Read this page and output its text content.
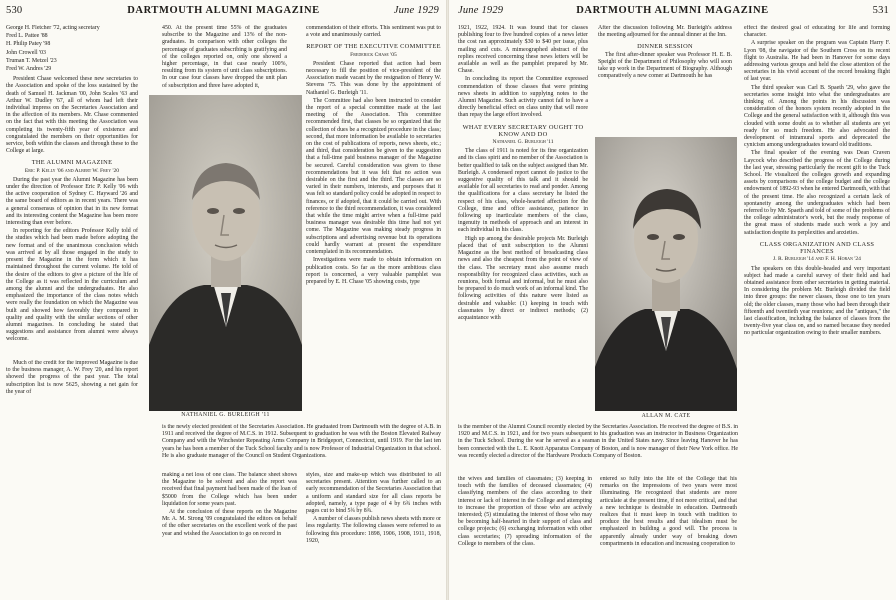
530	DARTMOUTH ALUMNI MAGAZINE	June 1929

George H. Fletcher '72, acting secretary

Fred L. Pattee '88

H. Philip Patey '98

John Crowell '03

Truman T. Metzel '23

Fred W. Andres '29

President Chase welcomed these new secretaries to the Association and spoke of the loss sustained by the death of Samuel H. Jackman '00, John Scales '63 and Arthur W. Dudley '67, all of whom had left their individual impress on the Secretaries Association and in the affection of its members. Mr. Chase commented on the fact that with this meeting the Association was completing its twenty-fifth year of existence and congratulated the members on their opportunities for service, both within the classes and through these to the College at large.

THE ALUMNI MAGAZINE
Eric P. Kelly '06 and Albert W. Frey '20

During the past year the Alumni Magazine has been under the direction of Professor Eric P. Kelly '06 with the active cooperation of Sydney C. Hayward '26 and the same board of editors as in recent years. There was a general consensus of opinion that in its new format and its interesting content the Magazine has been more interesting than ever before.

In reporting for the editors Professor Kelly told of the studies which had been made before adopting the new format and of the unanimous conclusion which was arrived at by all those engaged in the study to present the Magazine in the form which it has maintained throughout the current volume. He told of the desire of the editors to give a picture of the life of the College as it was reflected in the curriculum and among the alumni and the undergraduates. He also emphasized the importance of the class notes which were really the foundation on which the Magazine was built and showed how favorably they compared in quality and quality with the similar sections of other alumni magazines. In concluding he stated that suggestions and assistance from alumni were always welcome.

Much of the credit for the improved Magazine is due to the business manager, A. W. Frey '20, and his report showed the progress of the past year. The total subscription list is now 5625, showing a net gain for the year of

450. At the present time 55% of the graduates subscribe to the Magazine and 13% of the non-graduates. In comparison with other colleges the percentage of graduates subscribing is gratifying and of the colleges reported on, only one showed a higher percentage, in that case nearly 100%, resulting from its system of unit class subscriptions. In our case four classes have dropped the unit plan of subscription and three have adopted it,

NATHANIEL G. BURLEIGH '11

commendation of their efforts. This sentiment was put to a vote and unanimously carried.

REPORT OF THE EXECUTIVE COMMITTEE
Frederick Chase '05

President Chase reported that action had been necessary to fill the position of vice-president of the Association made vacant by the resignation of Henry W. Stevens '75. This was done by the appointment of Nathaniel G. Burleigh '11.

The Committee had also been instructed to consider the report of a special committee made at the last meeting of the Association. This committee recommended first, that classes be so organized that the collection of dues be a recognized procedure in the class; second, that more information be available to secretaries on the cost of publications of reports, news sheets, etc.; and third, that consideration be given to the suggestion that a full-time paid business manager of the Magazine be secured. Careful consideration was given to these recommendations but it was felt that no action was desirable on the first and the third. The classes are so varied in their numbers, interests, and purposes that it was felt so standard policy could be adopted in respect to finances, or if adopted, that it could be carried out. With reference to the third recommendation, it was considered that while the time might arrive when a full-time paid business manager was desirable this time had not yet come. The Magazine was making steady progress in subscriptions and advertising revenue but its operations could hardly warrant at present the expenditure contemplated in its recommendation.

Investigations were made to obtain information on publication costs. So far as the more ambitious class report is concerned, a very valuable pamphlet was prepared by E. H. Chase '05 showing costs, type

is the newly elected president of the Secretaries Association. He graduated from Dartmouth with the degree of A.B. in 1911 and received the degree of M.C.S. in 1912. Subsequent to graduation he was with the Boston Elevated Railway Company and with the Winchester Repeating Arms Company in Bridgeport, Connecticut, until 1919. For the last ten years he has been a member of the Tuck School faculty and is now Professor of Industrial Organization in that school. He is also graduate manager of the Council on Student Organizations.

making a net loss of one class. The balance sheet shows the Magazine to be solvent and also the report was received that final payment had been made of the loan of $5000 from the College which has been under liquidation for some years past.

At the conclusion of these reports on the Magazine Mr. A. M. Strong '09 congratulated the editors on behalf of the other secretaries on the excellent work of the past year and wished the Association to go on record in

styles, size and make-up which was distributed to all secretaries present. Attention was further called to an early recommendation of the Secretaries Association that a uniform and standard size for all class reports be adopted, namely, a type page of 4 by 6¾ inches with pages cut to bind 5¾ by 8¾.

A number of classes publish news sheets with more or less regularity. The following classes were referred to as following this procedure: 1898, 1906, 1908, 1911, 1918, 1920,

June 1929	DARTMOUTH ALUMNI MAGAZINE	531

1921, 1922, 1924. It was found that for classes publishing four to five hundred copies of a news letter the cost ran approximately $30 to $40 per issue, plus mailing and cuts. A mimeographed abstract of the replies received concerning these news letters will be available as well as the pamphlet prepared by Mr. Chase.

In concluding its report the Committee expressed commendation of those classes that were printing news sheets in addition to supplying notes to the Alumni Magazine. Such activity cannot fail to have a directly beneficial effect on class unity that will more than repay the large effort involved.

WHAT EVERY SECRETARY OUGHT TO KNOW AND DO
Nathaniel G. Burleigh '11

The class of 1911 is noted for its fine organization and its class spirit and no member of the Association is better qualified to talk on the subject assigned than Mr. Burleigh. A condensed report cannot do justice to the suggestive quality of this talk and it should be available for all secretaries to read and ponder. Among the qualifications for a class secretary he listed the respect of his class, whole-hearted affection for the College, time and office assistance, patience in following up inarticulate members of the class, ingenuity in methods of approach and an interest in each individual in his class.

High up among the desirable projects Mr. Burleigh placed that of unit subscription to the Alumni Magazine as the best method of broadcasting class news and also the cheapest from the point of view of the class. The secretary must also assume much responsibility for recognized class activities, such as reunions, both formal and informal, but he must also be prepared to do much work of an informal kind. The following activities of this nature were listed as desirable and valuable: (1) keeping in touch with classmates by direct or indirect methods; (2) acquaintance with

After the discussion following Mr. Burleigh's address the meeting adjourned for the annual dinner at the Inn.

DINNER SESSION

The first after-dinner speaker was Professor H. E. B. Speight of the Department of Philosophy who will soon take up work in the Department of Biography. Although comparatively a new comer at Dartmouth he has

ALLAN M. CATE

effect the desired goal of educating for life and forming character.

A surprise speaker on the program was Captain Harry F. Lyon '08, the navigator of the Southern Cross on its recent flight to Australia. He had been in Hanover for some days addressing various groups and held the close attention of the secretaries in his vivid account of the record breaking flight of last year.

The third speaker was Carl B. Spaeth '29, who gave the secretaries some insight into what the undergraduates are thinking of. Among the points in his discussion was consideration of the honors system recently adopted in the College and the general satisfaction with it, although this was clouded with some doubt as to whether all students are yet ready for so much freedom. He also advocated the development of intramural sports and deprecated the cynicism among undergraduates toward old traditions.

The final speaker of the evening was Dean Craven Laycock who described the progress of the College during the last year, stressing particularly the recent gift to the Tuck School. He visualized the colleges growth and expanding assets by comparisons of the college budget and the college endowment of 1892-93 when he entered Dartmouth, with that of the present time. He also recognized a certain lack of spontaneity among the undergraduates which had been referred to by Mr. Spaeth and told of some of the problems of the college administrator's work, but the ready response of the great mass of students made such work a joy and satisfaction despite its perplexities and anxieties.

CLASS ORGANIZATION AND CLASS FINANCES
J. R. Burleigh '14 and F. H. Horan '24

The speakers on this double-headed and very important subject had made a careful survey of their field and had obtained assistance from other secretaries in getting material. In considering the problem Mr. Burleigh divided the field into three groups: the newer classes, those one to ten years old; the older classes, many those who had been through their fifteenth and twentieth year reunions; and the "antiques," the last classification, including the balance of classes from the twenty-five year class on, and so named because they needed no particular organization owing to their smaller numbers.

is the member of the Alumni Council recently elected by the Secretaries Association. He received the degree of B.S. in 1920 and M.C.S. in 1921, and for two years subsequent to his graduation was an instructor in Business Organization in the Tuck School. During the war he served as a seaman in the United States navy. Since leaving Hanover he has been connected with the L. E. Knott Apparatus Company of Boston, and is now manager of their New York office. He was recently elected a director of the Hardware Products Company of Boston.

the wives and families of classmates; (3) keeping in touch with the families of deceased classmates; (4) classifying members of the class according to their interest or lack of interest in the College and attempting to increase the proportion of those who are actively interested; (5) stimulating the interest of those who may be becoming half-hearted in their support of class and college projects; (6) exchanging information with other class secretaries; (7) spreading information of the College to members of the class.

entered so fully into the life of the College that his remarks on the impressions of two years were most illuminating. He recognized that students are more articulate at the present time, if not more critical, and that a new technique is desirable in education. Dartmouth realizes that it must keep in touch with tradition to produce the best results and that idealism must be emphasized in building a good will. The process is apparently already under way of breaking down compartments in education and increasing cooperation to
